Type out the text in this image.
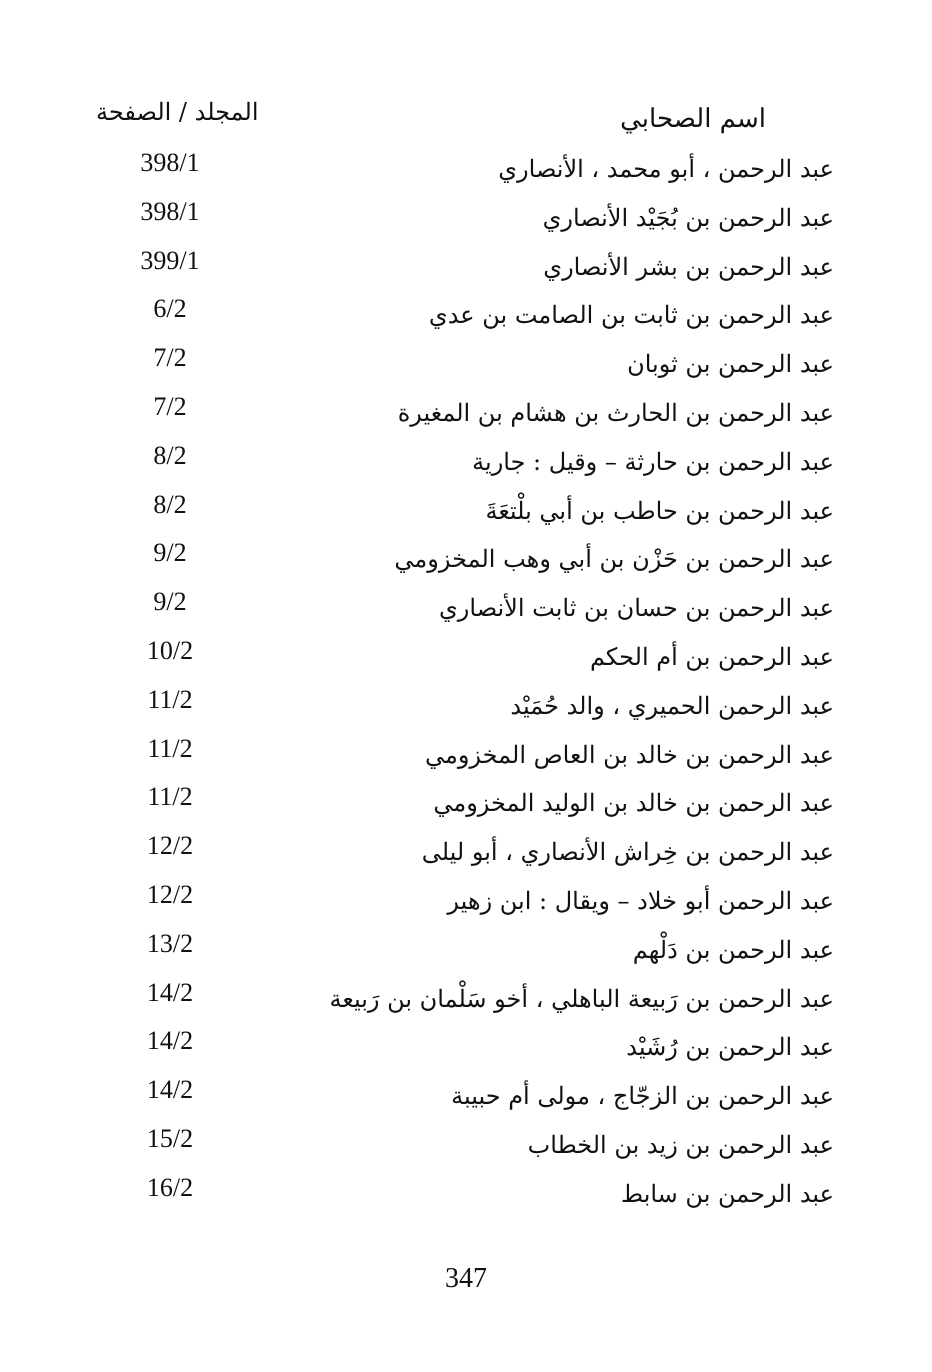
اسم الصحابي
المجلد / الصفحة
عبد الرحمن ، أبو محمد ، الأنصاري
398/1
عبد الرحمن بن بُجَيْد الأنصاري
398/1
عبد الرحمن بن بشر الأنصاري
399/1
عبد الرحمن بن ثابت بن الصامت بن عدي
6/2
عبد الرحمن بن ثوبان
7/2
عبد الرحمن بن الحارث بن هشام بن المغيرة
7/2
عبد الرحمن بن حارثة – وقيل : جارية
8/2
عبد الرحمن بن حاطب بن أبي بلْتعَةَ
8/2
عبد الرحمن بن حَزْن بن أبي وهب المخزومي
9/2
عبد الرحمن بن حسان بن ثابت الأنصاري
9/2
عبد الرحمن بن أم الحكم
10/2
عبد الرحمن الحميري ، والد حُمَيْد
11/2
عبد الرحمن بن خالد بن العاص المخزومي
11/2
عبد الرحمن بن خالد بن الوليد المخزومي
11/2
عبد الرحمن بن خِراش الأنصاري ، أبو ليلى
12/2
عبد الرحمن أبو خلاد – ويقال : ابن زهير
12/2
عبد الرحمن بن دَلْهم
13/2
عبد الرحمن بن رَبيعة الباهلي ، أخو سَلْمان بن رَبيعة
14/2
عبد الرحمن بن رُشَيْد
14/2
عبد الرحمن بن الزجّاج ، مولى أم حبيبة
14/2
عبد الرحمن بن زيد بن الخطاب
15/2
عبد الرحمن بن سابط
16/2
347
